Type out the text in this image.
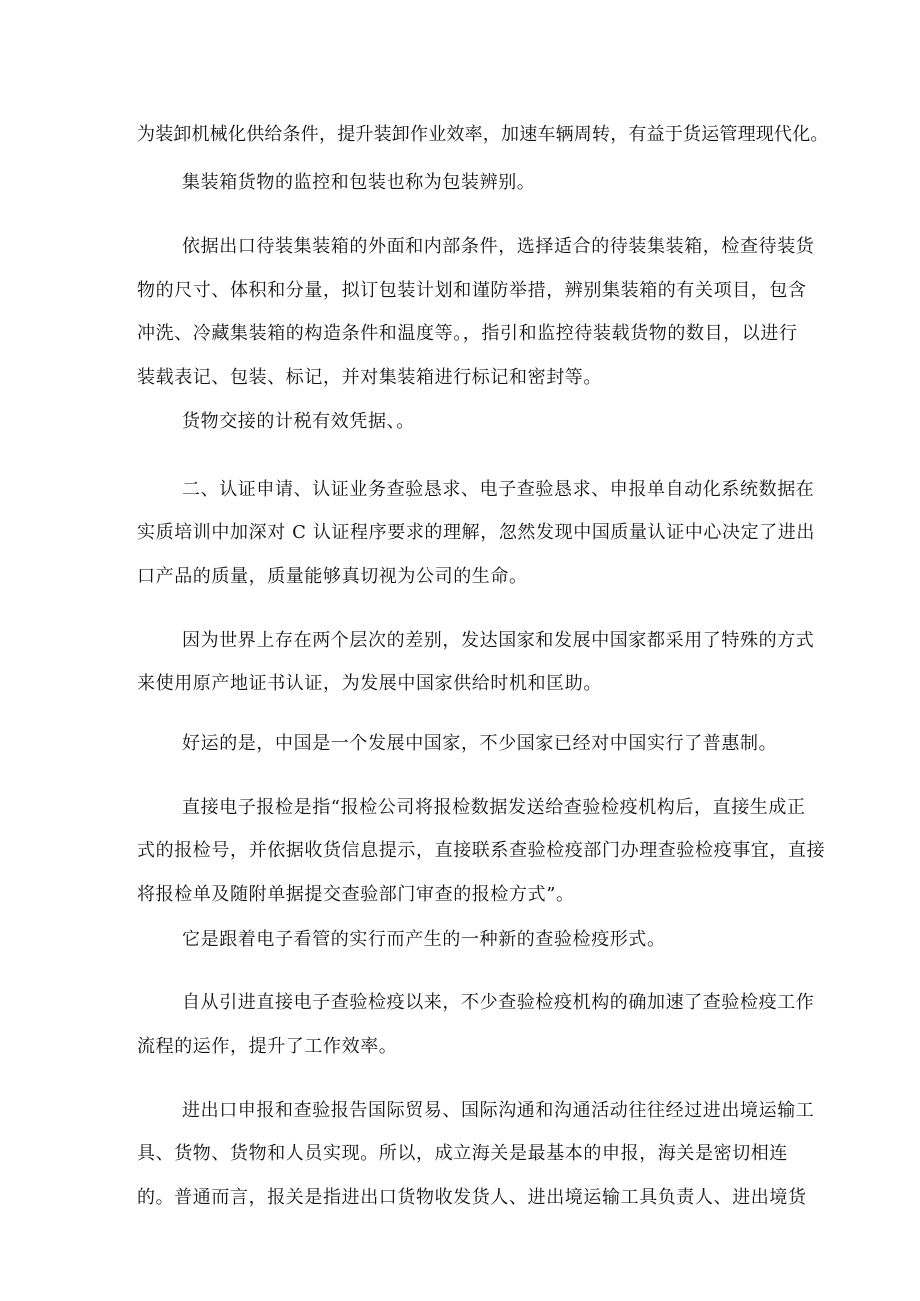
为装卸机械化供给条件，提升装卸作业效率，加速车辆周转，有益于货运管理现代化。
集装箱货物的监控和包装也称为包装辨别。
依据出口待装集装箱的外面和内部条件，选择适合的待装集装箱，检查待装货
物的尺寸、体积和分量，拟订包装计划和谨防举措，辨别集装箱的有关项目，包含
冲洗、冷藏集装箱的构造条件和温度等。，指引和监控待装载货物的数目，以进行
装载表记、包装、标记，并对集装箱进行标记和密封等。
货物交接的计税有效凭据、。
二、认证申请、认证业务查验恳求、电子查验恳求、申报单自动化系统数据在
实质培训中加深对 C 认证程序要求的理解，忽然发现中国质量认证中心决定了进出
口产品的质量，质量能够真切视为公司的生命。
因为世界上存在两个层次的差别，发达国家和发展中国家都采用了特殊的方式
来使用原产地证书认证，为发展中国家供给时机和匡助。
好运的是，中国是一个发展中国家，不少国家已经对中国实行了普惠制。
直接电子报检是指“报检公司将报检数据发送给查验检疫机构后，直接生成正
式的报检号，并依据收货信息提示，直接联系查验检疫部门办理查验检疫事宜，直接
将报检单及随附单据提交查验部门审查的报检方式”。
它是跟着电子看管的实行而产生的一种新的查验检疫形式。
自从引进直接电子查验检疫以来，不少查验检疫机构的确加速了查验检疫工作
流程的运作，提升了工作效率。
进出口申报和查验报告国际贸易、国际沟通和沟通活动往往经过进出境运输工
具、货物、货物和人员实现。所以，成立海关是最基本的申报，海关是密切相连
的。普通而言，报关是指进出口货物收发货人、进出境运输工具负责人、进出境货
